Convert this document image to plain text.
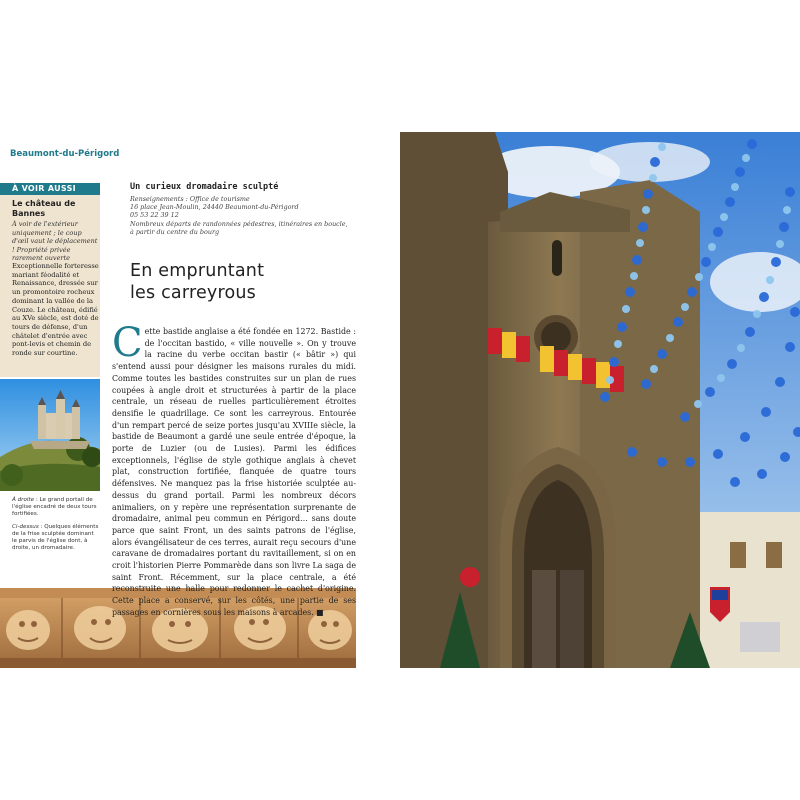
Beaumont-du-Périgord
À VOIR AUSSI
Le château de Bannes
À voir de l'extérieur uniquement ; le coup d'œil vaut le déplacement ! Propriété privée rarement ouverte
Exceptionnelle forteresse mariant féodalité et Renaissance, dressée sur un promontoire rocheux dominant la vallée de la Couze. Le château, édifié au XVe siècle, est doté de tours de défense, d'un châtelet d'entrée avec pont-levis et chemin de ronde sur courtine.
À droite : Le grand portail de l'église encadré de deux tours fortifiées.
Ci-dessus : Quelques éléments de la frise sculptée dominant le parvis de l'église dont, à droite, un dromadaire.
Un curieux dromadaire sculpté
Renseignements : Office de tourisme
16 place Jean-Moulin, 24440 Beaumont-du-Périgord
05 53 22 39 12
Nombreux départs de randonnées pédestres, itinéraires en boucle,
à partir du centre du bourg
En empruntant
les carreyrous
Cette bastide anglaise a été fondée en 1272. Bastide : de l'occitan bastido, « ville nouvelle ». On y trouve la racine du verbe occitan bastir (« bâtir ») qui s'entend aussi pour désigner les maisons rurales du midi. Comme toutes les bastides construites sur un plan de rues coupées à angle droit et structurées à partir de la place centrale, un réseau de ruelles particulièrement étroites densifie le quadrillage. Ce sont les carreyrous. Entourée d'un rempart percé de seize portes jusqu'au XVIIIe siècle, la bastide de Beaumont a gardé une seule entrée d'époque, la porte de Luzier (ou de Lusies). Parmi les édifices exceptionnels, l'église de style gothique anglais à chevet plat, construction fortifiée, flanquée de quatre tours défensives. Ne manquez pas la frise historiée sculptée au-dessus du grand portail. Parmi les nombreux décors animaliers, on y repère une représentation surprenante de dromadaire, animal peu commun en Périgord… sans doute parce que saint Front, un des saints patrons de l'église, alors évangélisateur de ces terres, aurait reçu secours d'une caravane de dromadaires portant du ravitaillement, si on en croit l'historien Pierre Pommarède dans son livre La saga de saint Front. Récemment, sur la place centrale, a été reconstruite une halle pour redonner le cachet d'origine. Cette place a conservé, sur les côtés, une partie de ses passages en cornières sous les maisons à arcades. ■
